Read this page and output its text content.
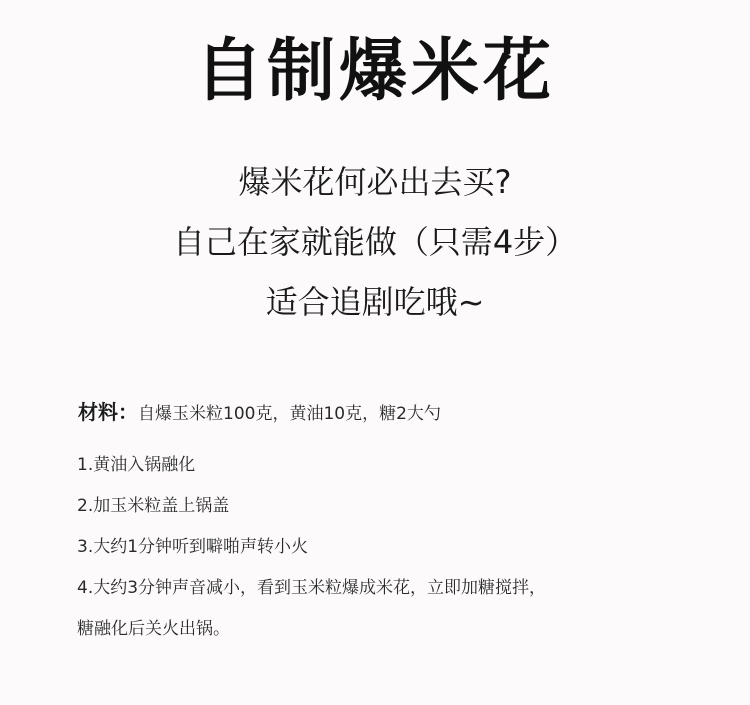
自制爆米花
爆米花何必出去买?
自己在家就能做（只需4步）
适合追剧吃哦~
材料：自爆玉米粒100克，黄油10克，糖2大勺
1.黄油入锅融化
2.加玉米粒盖上锅盖
3.大约1分钟听到噼啪声转小火
4.大约3分钟声音减小，看到玉米粒爆成米花，立即加糖搅拌，
糖融化后关火出锅。
